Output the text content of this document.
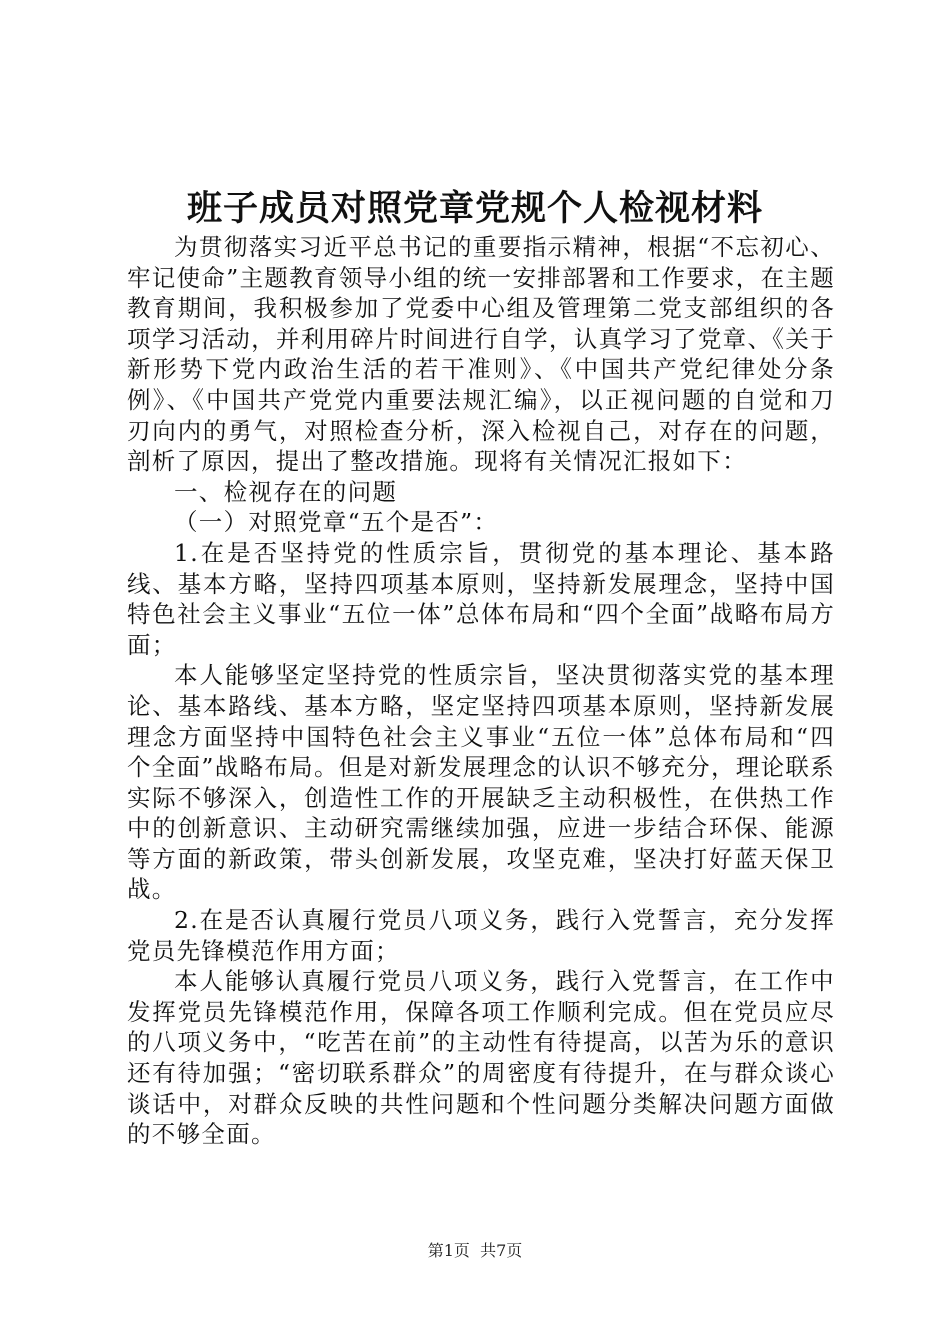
班子成员对照党章党规个人检视材料

为贯彻落实习近平总书记的重要指示精神，根据“不忘初心、牢记使命”主题教育领导小组的统一安排部署和工作要求，在主题教育期间，我积极参加了党委中心组及管理第二党支部组织的各项学习活动，并利用碎片时间进行自学，认真学习了党章、《关于新形势下党内政治生活的若干准则》、《中国共产党纪律处分条例》、《中国共产党党内重要法规汇编》，以正视问题的自觉和刀刃向内的勇气，对照检查分析，深入检视自己，对存在的问题，剖析了原因，提出了整改措施。现将有关情况汇报如下：

一、检视存在的问题

（一）对照党章“五个是否”：

1.在是否坚持党的性质宗旨，贯彻党的基本理论、基本路线、基本方略，坚持四项基本原则，坚持新发展理念，坚持中国特色社会主义事业“五位一体”总体布局和“四个全面”战略布局方面；

本人能够坚定坚持党的性质宗旨，坚决贯彻落实党的基本理论、基本路线、基本方略，坚定坚持四项基本原则，坚持新发展理念方面坚持中国特色社会主义事业“五位一体”总体布局和“四个全面”战略布局。但是对新发展理念的认识不够充分，理论联系实际不够深入，创造性工作的开展缺乏主动积极性，在供热工作中的创新意识、主动研究需继续加强，应进一步结合环保、能源等方面的新政策，带头创新发展，攻坚克难，坚决打好蓝天保卫战。

2.在是否认真履行党员八项义务，践行入党誓言，充分发挥党员先锋模范作用方面；

本人能够认真履行党员八项义务，践行入党誓言，在工作中发挥党员先锋模范作用，保障各项工作顺利完成。但在党员应尽的八项义务中，“吃苦在前”的主动性有待提高，以苦为乐的意识还有待加强；“密切联系群众”的周密度有待提升，在与群众谈心谈话中，对群众反映的共性问题和个性问题分类解决问题方面做的不够全面。

第1页  共7页
